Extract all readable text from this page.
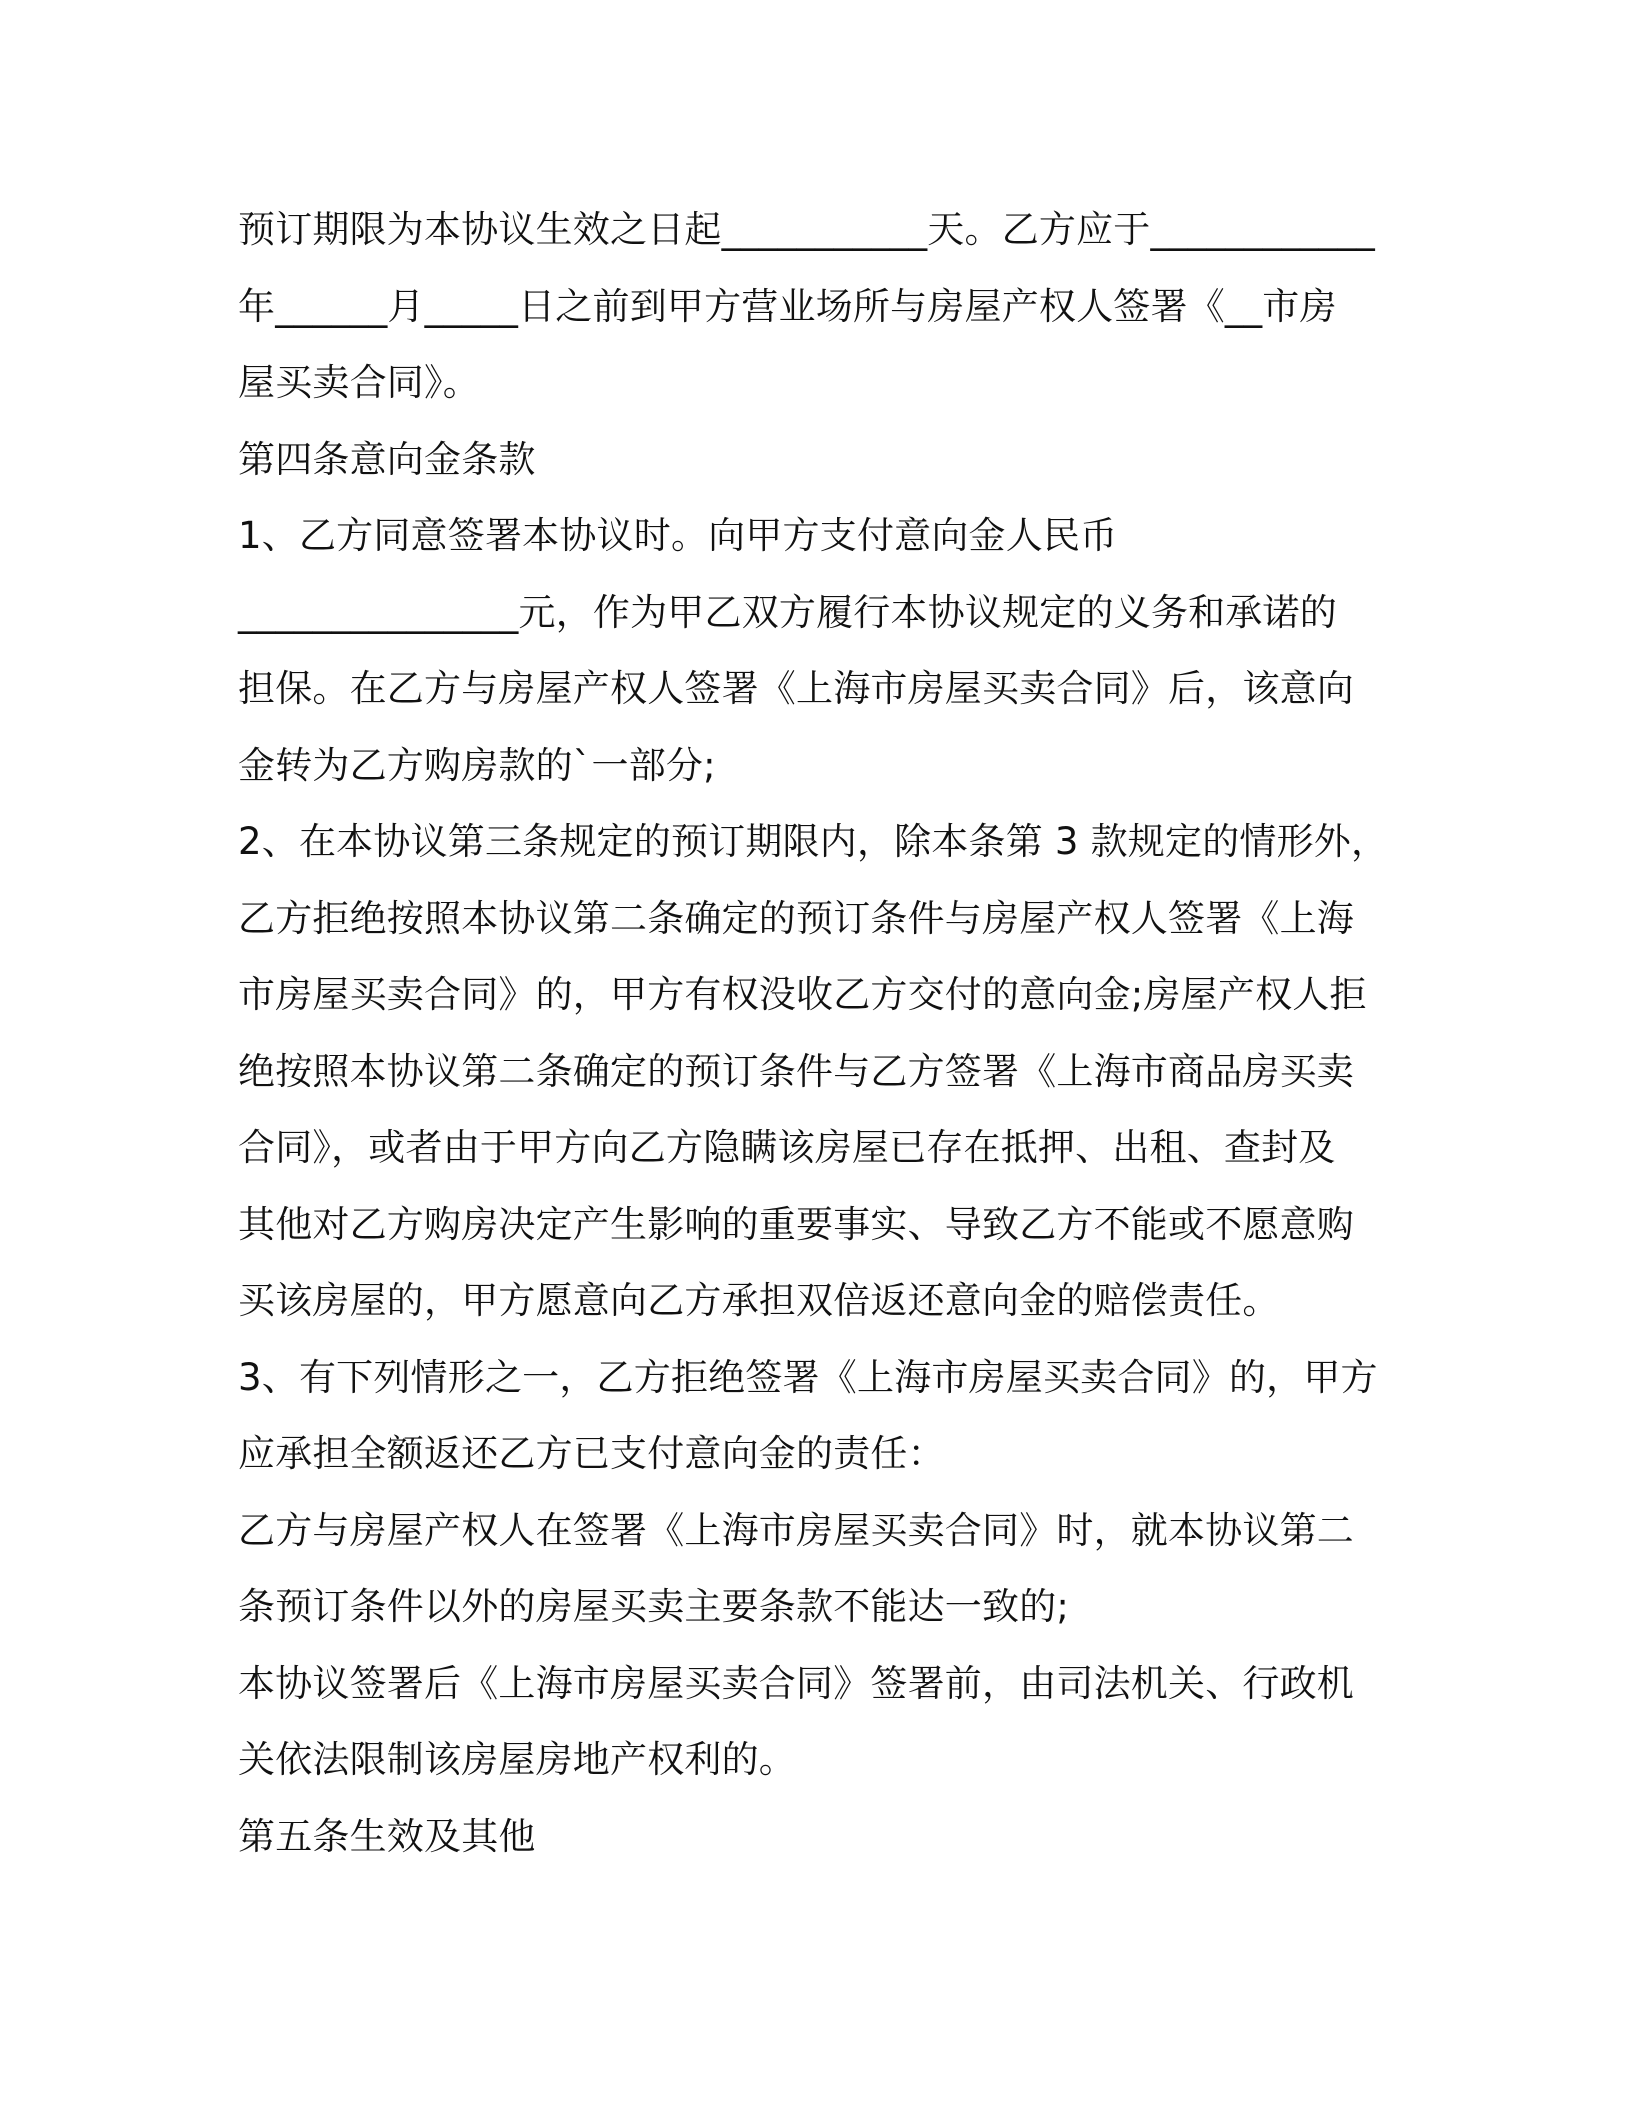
预订期限为本协议生效之日起___________天。乙方应于____________
年______月_____日之前到甲方营业场所与房屋产权人签署《__市房
屋买卖合同》。
第四条意向金条款
1、乙方同意签署本协议时。向甲方支付意向金人民币
_______________元，作为甲乙双方履行本协议规定的义务和承诺的
担保。在乙方与房屋产权人签署《上海市房屋买卖合同》后，该意向
金转为乙方购房款的`一部分;
2、在本协议第三条规定的预订期限内，除本条第 3 款规定的情形外，
乙方拒绝按照本协议第二条确定的预订条件与房屋产权人签署《上海
市房屋买卖合同》的，甲方有权没收乙方交付的意向金;房屋产权人拒
绝按照本协议第二条确定的预订条件与乙方签署《上海市商品房买卖
合同》，或者由于甲方向乙方隐瞒该房屋已存在抵押、出租、查封及
其他对乙方购房决定产生影响的重要事实、导致乙方不能或不愿意购
买该房屋的，甲方愿意向乙方承担双倍返还意向金的赔偿责任。
3、有下列情形之一，乙方拒绝签署《上海市房屋买卖合同》的，甲方
应承担全额返还乙方已支付意向金的责任：
乙方与房屋产权人在签署《上海市房屋买卖合同》时，就本协议第二
条预订条件以外的房屋买卖主要条款不能达一致的;
本协议签署后《上海市房屋买卖合同》签署前，由司法机关、行政机
关依法限制该房屋房地产权利的。
第五条生效及其他
